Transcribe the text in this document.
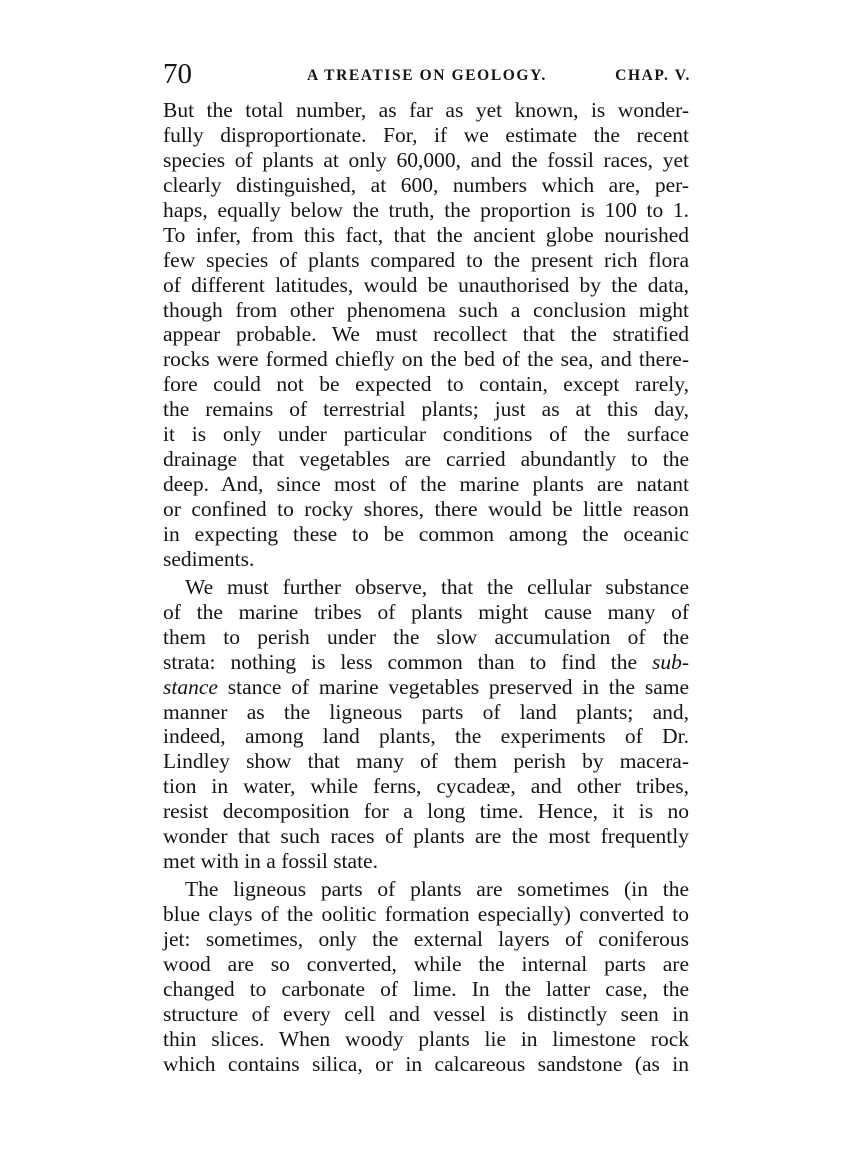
70	A TREATISE ON GEOLOGY.	CHAP. V.
But the total number, as far as yet known, is wonder-
fully disproportionate. For, if we estimate the recent
species of plants at only 60,000, and the fossil races, yet
clearly distinguished, at 600, numbers which are, per-
haps, equally below the truth, the proportion is 100 to 1.
To infer, from this fact, that the ancient globe nourished
few species of plants compared to the present rich flora
of different latitudes, would be unauthorised by the data,
though from other phenomena such a conclusion might
appear probable. We must recollect that the stratified
rocks were formed chiefly on the bed of the sea, and there-
fore could not be expected to contain, except rarely,
the remains of terrestrial plants; just as at this day,
it is only under particular conditions of the surface
drainage that vegetables are carried abundantly to the
deep. And, since most of the marine plants are natant
or confined to rocky shores, there would be little reason
in expecting these to be common among the oceanic
sediments.
We must further observe, that the cellular substance
of the marine tribes of plants might cause many of
them to perish under the slow accumulation of the
strata: nothing is less common than to find the sub-
stance stance of marine vegetables preserved in the same
manner as the ligneous parts of land plants; and,
indeed, among land plants, the experiments of Dr.
Lindley show that many of them perish by macera-
tion in water, while ferns, cycadeæ, and other tribes,
resist decomposition for a long time. Hence, it is no
wonder that such races of plants are the most frequently
met with in a fossil state.
The ligneous parts of plants are sometimes (in the
blue clays of the oolitic formation especially) converted to
jet: sometimes, only the external layers of coniferous
wood are so converted, while the internal parts are
changed to carbonate of lime. In the latter case, the
structure of every cell and vessel is distinctly seen in
thin slices. When woody plants lie in limestone rock
which contains silica, or in calcareous sandstone (as in
